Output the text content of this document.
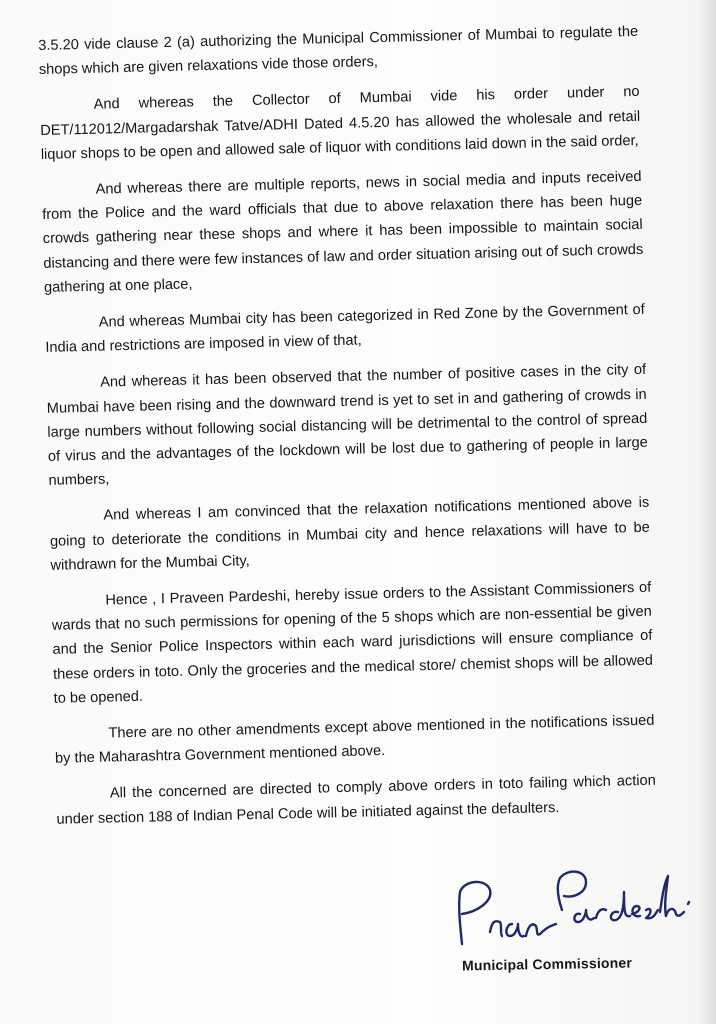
3.5.20 vide clause 2 (a) authorizing the Municipal Commissioner of Mumbai to regulate the shops which are given relaxations vide those orders,

And whereas the Collector of Mumbai vide his order under no DET/112012/Margadarshak Tatve/ADHI Dated 4.5.20 has allowed the wholesale and retail liquor shops to be open and allowed sale of liquor with conditions laid down in the said order,

And whereas there are multiple reports, news in social media and inputs received from the Police and the ward officials that due to above relaxation there has been huge crowds gathering near these shops and where it has been impossible to maintain social distancing and there were few instances of law and order situation arising out of such crowds gathering at one place,

And whereas Mumbai city has been categorized in Red Zone by the Government of India and restrictions are imposed in view of that,

And whereas it has been observed that the number of positive cases in the city of Mumbai have been rising and the downward trend is yet to set in and gathering of crowds in large numbers without following social distancing will be detrimental to the control of spread of virus and the advantages of the lockdown will be lost due to gathering of people in large numbers,

And whereas I am convinced that the relaxation notifications mentioned above is going to deteriorate the conditions in Mumbai city and hence relaxations will have to be withdrawn for the Mumbai City,

Hence , I Praveen Pardeshi, hereby issue orders to the Assistant Commissioners of wards that no such permissions for opening of the 5 shops which are non-essential be given and the Senior Police Inspectors within each ward jurisdictions will ensure compliance of these orders in toto. Only the groceries and the medical store/ chemist shops will be allowed to be opened.

There are no other amendments except above mentioned in the notifications issued by the Maharashtra Government mentioned above.

All the concerned are directed to comply above orders in toto failing which action under section 188 of Indian Penal Code will be initiated against the defaulters.

Municipal Commissioner
